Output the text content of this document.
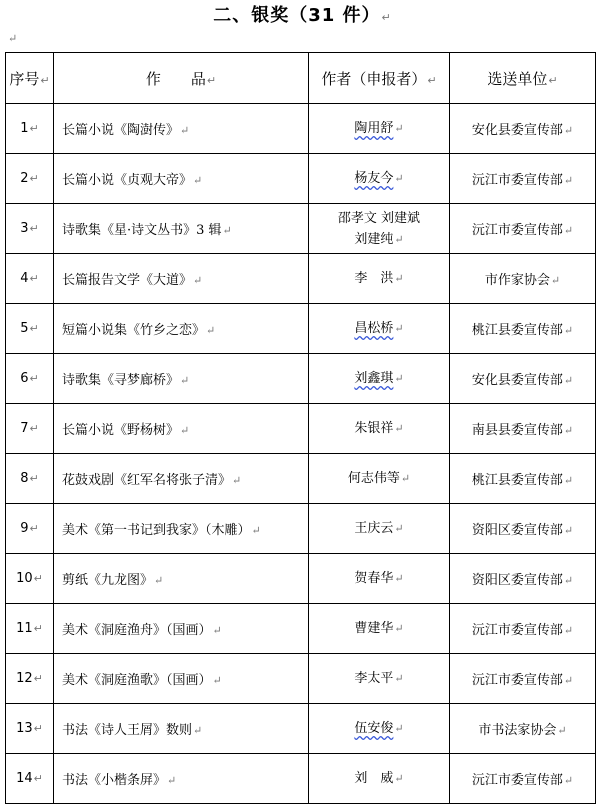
二、银奖（31 件）↵
↵
序号↵	作　　品↵	作者（申报者）↵	选送单位↵
1↵	长篇小说《陶澍传》↵	陶用舒↵	安化县委宣传部↵
2↵	长篇小说《贞观大帝》↵	杨友今↵	沅江市委宣传部↵
3↵	诗歌集《星·诗文丛书》3 辑↵	邵孝文 刘建斌
刘建纯↵	沅江市委宣传部↵
4↵	长篇报告文学《大道》↵	李　洪↵	市作家协会↵
5↵	短篇小说集《竹乡之恋》↵	昌松桥↵	桃江县委宣传部↵
6↵	诗歌集《寻梦廊桥》↵	刘鑫琪↵	安化县委宣传部↵
7↵	长篇小说《野杨树》↵	朱银祥↵	南县县委宣传部↵
8↵	花鼓戏剧《红军名将张子清》↵	何志伟等↵	桃江县委宣传部↵
9↵	美术《第一书记到我家》（木雕）↵	王庆云↵	资阳区委宣传部↵
10↵	剪纸《九龙图》↵	贺春华↵	资阳区委宣传部↵
11↵	美术《洞庭渔舟》（国画）↵	曹建华↵	沅江市委宣传部↵
12↵	美术《洞庭渔歌》（国画）↵	李太平↵	沅江市委宣传部↵
13↵	书法《诗人王屑》数则↵	伍安俊↵	市书法家协会↵
14↵	书法《小楷条屏》↵	刘　威↵	沅江市委宣传部↵
